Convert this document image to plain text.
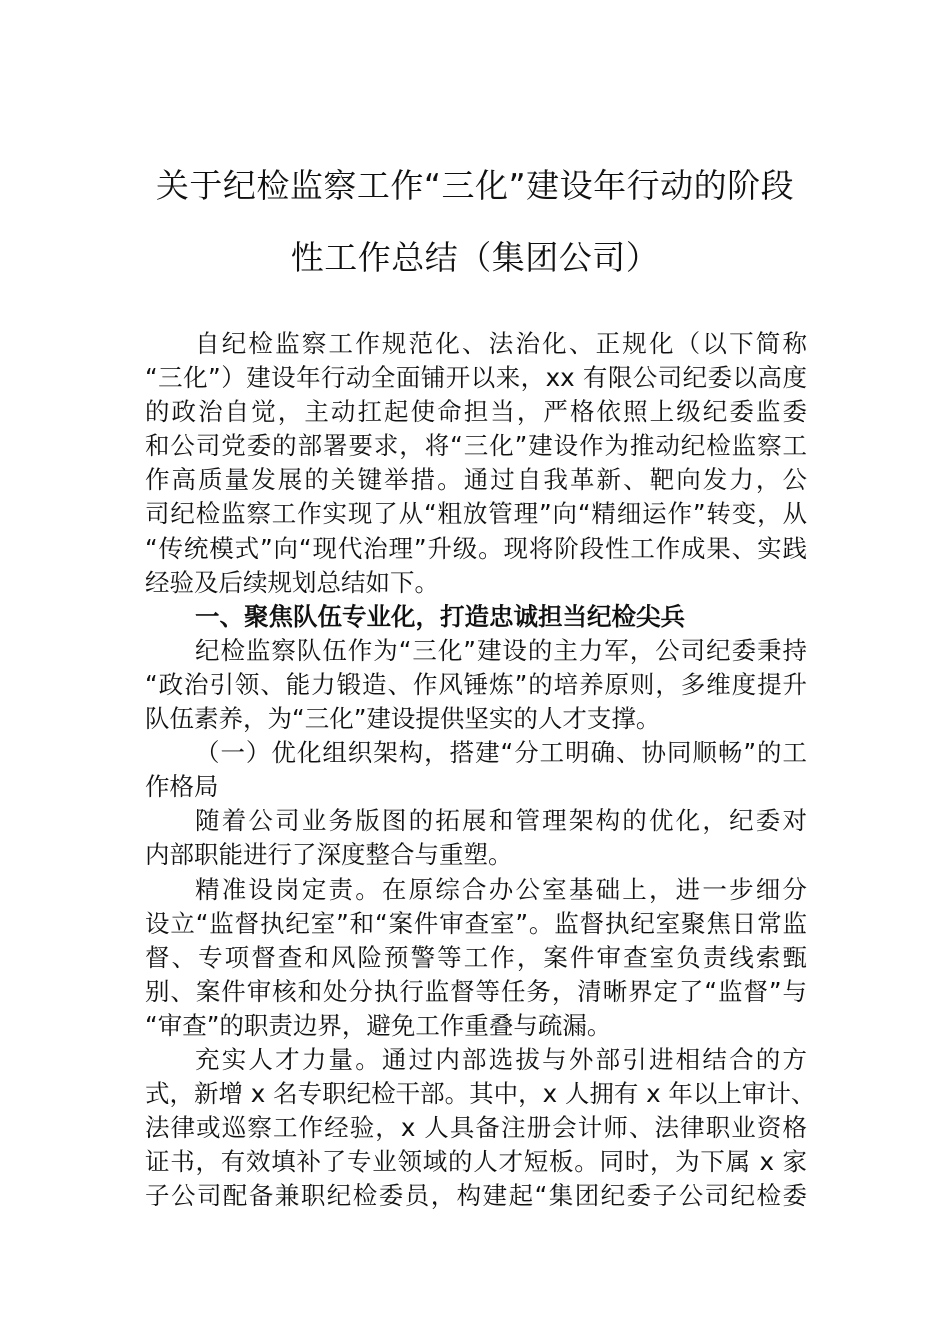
关于纪检监察工作“三化”建设年行动的阶段
性工作总结（集团公司）
自纪检监察工作规范化、法治化、正规化（以下简称
“三化”）建设年行动全面铺开以来，xx 有限公司纪委以高度
的政治自觉，主动扛起使命担当，严格依照上级纪委监委
和公司党委的部署要求，将“三化”建设作为推动纪检监察工
作高质量发展的关键举措。通过自我革新、靶向发力，公
司纪检监察工作实现了从“粗放管理”向“精细运作”转变，从
“传统模式”向“现代治理”升级。现将阶段性工作成果、实践
经验及后续规划总结如下。
一、聚焦队伍专业化，打造忠诚担当纪检尖兵
纪检监察队伍作为“三化”建设的主力军，公司纪委秉持
“政治引领、能力锻造、作风锤炼”的培养原则，多维度提升
队伍素养，为“三化”建设提供坚实的人才支撑。
（一）优化组织架构，搭建“分工明确、协同顺畅”的工
作格局
随着公司业务版图的拓展和管理架构的优化，纪委对
内部职能进行了深度整合与重塑。
精准设岗定责。在原综合办公室基础上，进一步细分
设立“监督执纪室”和“案件审查室”。监督执纪室聚焦日常监
督、专项督查和风险预警等工作，案件审查室负责线索甄
别、案件审核和处分执行监督等任务，清晰界定了“监督”与
“审查”的职责边界，避免工作重叠与疏漏。
充实人才力量。通过内部选拔与外部引进相结合的方
式，新增 x 名专职纪检干部。其中，x 人拥有 x 年以上审计、
法律或巡察工作经验，x 人具备注册会计师、法律职业资格
证书，有效填补了专业领域的人才短板。同时，为下属 x 家
子公司配备兼职纪检委员，构建起“集团纪委子公司纪检委
